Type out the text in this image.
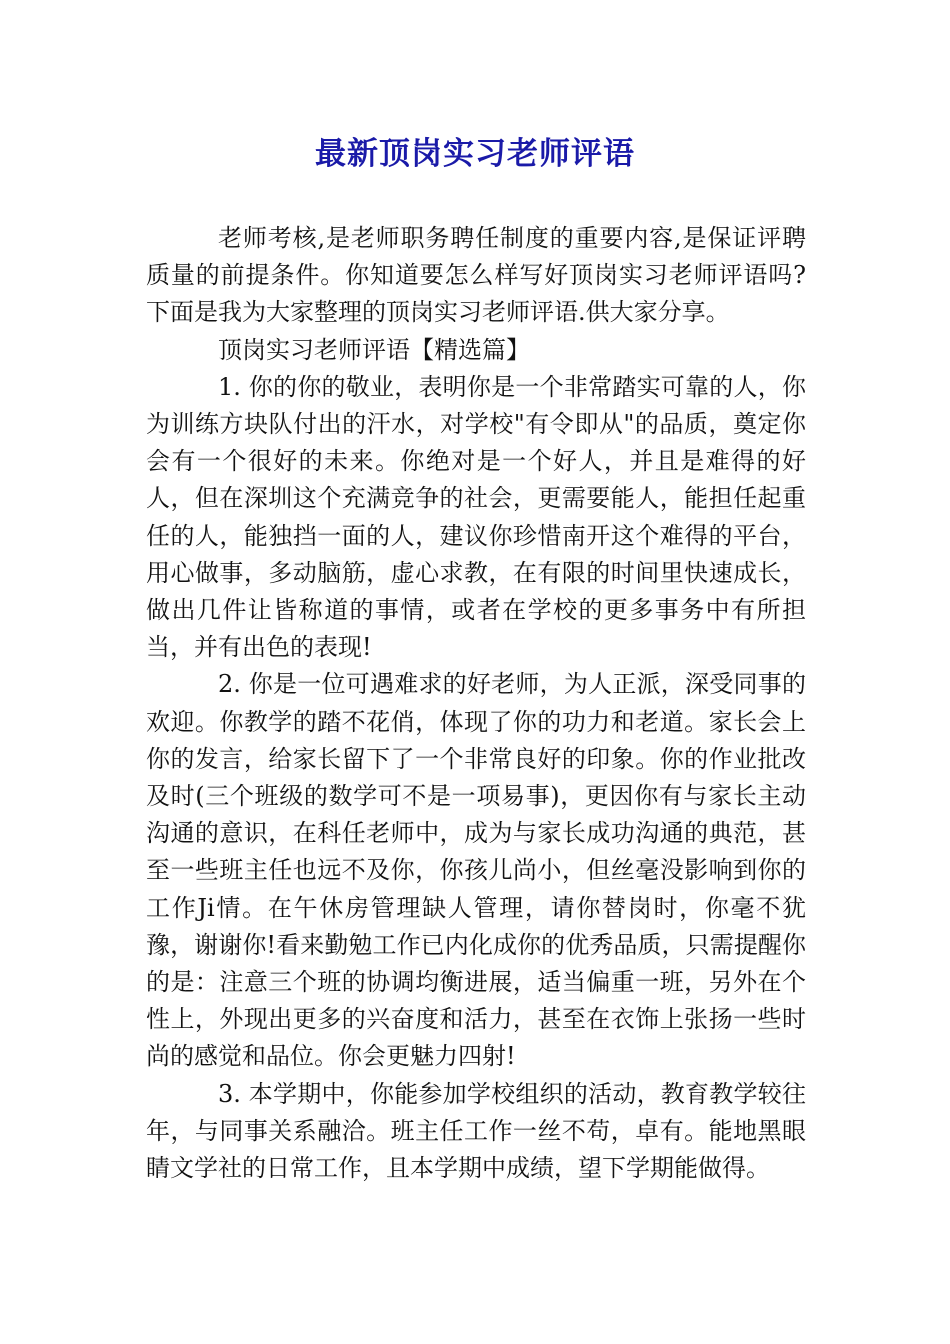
最新顶岗实习老师评语

老师考核,是老师职务聘任制度的重要内容,是保证评聘质量的前提条件。你知道要怎么样写好顶岗实习老师评语吗?下面是我为大家整理的顶岗实习老师评语.供大家分享。

顶岗实习老师评语【精选篇】

1. 你的你的敬业，表明你是一个非常踏实可靠的人，你为训练方块队付出的汗水，对学校"有令即从"的品质，奠定你会有一个很好的未来。你绝对是一个好人，并且是难得的好人，但在深圳这个充满竞争的社会，更需要能人，能担任起重任的人，能独挡一面的人，建议你珍惜南开这个难得的平台，用心做事，多动脑筋，虚心求教，在有限的时间里快速成长，做出几件让皆称道的事情，或者在学校的更多事务中有所担当，并有出色的表现!

2. 你是一位可遇难求的好老师，为人正派，深受同事的欢迎。你教学的踏不花俏，体现了你的功力和老道。家长会上你的发言，给家长留下了一个非常良好的印象。你的作业批改及时(三个班级的数学可不是一项易事)，更因你有与家长主动沟通的意识，在科任老师中，成为与家长成功沟通的典范，甚至一些班主任也远不及你，你孩儿尚小，但丝毫没影响到你的工作Ji情。在午休房管理缺人管理，请你替岗时，你毫不犹豫，谢谢你!看来勤勉工作已内化成你的优秀品质，只需提醒你的是：注意三个班的协调均衡进展，适当偏重一班，另外在个性上，外现出更多的兴奋度和活力，甚至在衣饰上张扬一些时尚的感觉和品位。你会更魅力四射!

3. 本学期中，你能参加学校组织的活动，教育教学较往年，与同事关系融洽。班主任工作一丝不苟，卓有。能地黑眼睛文学社的日常工作，且本学期中成绩，望下学期能做得。
